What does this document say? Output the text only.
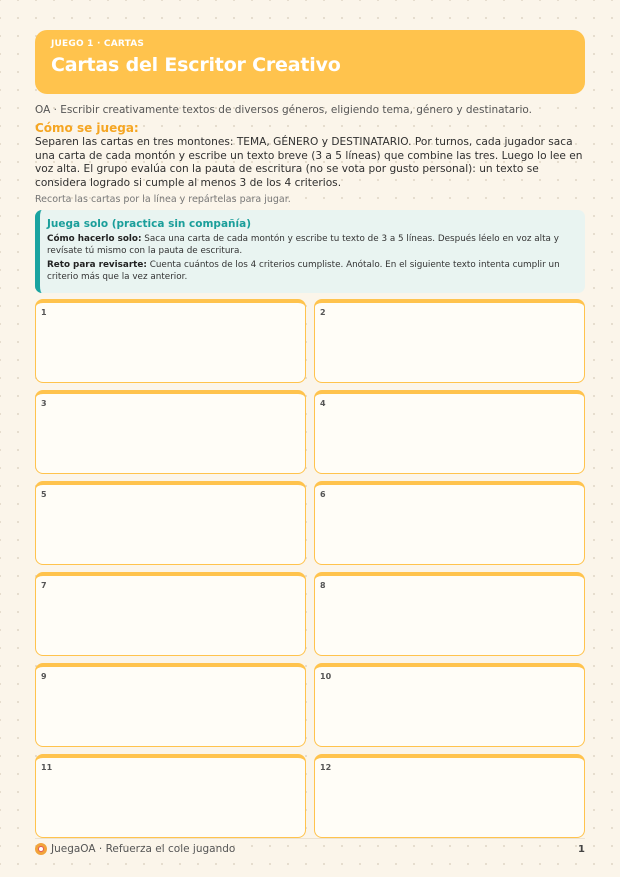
JUEGO 1 · CARTAS
Cartas del Escritor Creativo
OA · Escribir creativamente textos de diversos géneros, eligiendo tema, género y destinatario.
Cómo se juega:
Separen las cartas en tres montones: TEMA, GÉNERO y DESTINATARIO. Por turnos, cada jugador saca una carta de cada montón y escribe un texto breve (3 a 5 líneas) que combine las tres. Luego lo lee en voz alta. El grupo evalúa con la pauta de escritura (no se vota por gusto personal): un texto se considera logrado si cumple al menos 3 de los 4 criterios.
Recorta las cartas por la línea y repártelas para jugar.
Juega solo (practica sin compañía)

Cómo hacerlo solo: Saca una carta de cada montón y escribe tu texto de 3 a 5 líneas. Después léelo en voz alta y revísate tú mismo con la pauta de escritura.

Reto para revisarte: Cuenta cuántos de los 4 criterios cumpliste. Anótalo. En el siguiente texto intenta cumplir un criterio más que la vez anterior.

1	2
3	4
5	6
7	8
9	10
11	12
JuegaOA · Refuerza el cole jugando	1
